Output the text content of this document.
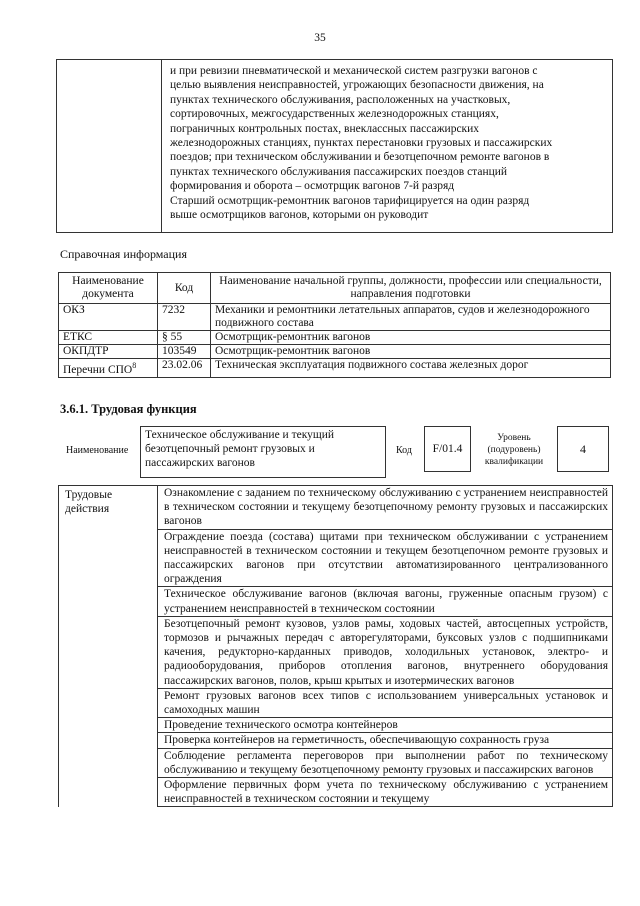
35

и при ревизии пневматической и механической систем разгрузки вагонов с

целью выявления неисправностей, угрожающих безопасности движения, на

пунктах технического обслуживания, расположенных на участковых,

сортировочных, межгосударственных железнодорожных станциях,

пограничных контрольных постах, внеклассных пассажирских

железнодорожных станциях, пунктах перестановки грузовых и пассажирских

поездов; при техническом обслуживании и безотцепочном ремонте вагонов в

пунктах технического обслуживания пассажирских поездов станций

формирования и оборота – осмотрщик вагонов 7-й разряд

Старший осмотрщик-ремонтник вагонов тарифицируется на один разряд

выше осмотрщиков вагонов, которыми он руководит

Справочная информация
Наименование документа	Код	Наименование начальной группы, должности, профессии или специальности, направления подготовки
ОКЗ	7232	Механики и ремонтники летательных аппаратов, судов и железнодорожного подвижного состава
ЕТКС	§ 55	Осмотрщик-ремонтник вагонов
ОКПДТР	103549	Осмотрщик-ремонтник вагонов
Перечни СПО$^8$	23.02.06	Техническая эксплуатация подвижного состава железных дорог
3.6.1. Трудовая функция
Наименование
Техническое обслуживание и текущий безотцепочный ремонт грузовых и пассажирских вагонов
Код	F/01.4
Уровень (подуровень) квалификации
4
Трудовые действия	Ознакомление с заданием по техническому обслуживанию с устранением неисправностей в техническом состоянии и текущему безотцепочному ремонту грузовых и пассажирских вагонов
Ограждение поезда (состава) щитами при техническом обслуживании с устранением неисправностей в техническом состоянии и текущем безотцепочном ремонте грузовых и пассажирских вагонов при отсутствии автоматизированного централизованного ограждения
Техническое обслуживание вагонов (включая вагоны, груженные опасным грузом) с устранением неисправностей в техническом состоянии
Безотцепочный ремонт кузовов, узлов рамы, ходовых частей, автосцепных устройств, тормозов и рычажных передач с авторегуляторами, буксовых узлов с подшипниками качения, редукторно-карданных приводов, холодильных установок, электро- и радиооборудования, приборов отопления вагонов, внутреннего оборудования пассажирских вагонов, полов, крыш крытых и изотермических вагонов
Ремонт грузовых вагонов всех типов с использованием универсальных установок и самоходных машин
Проведение технического осмотра контейнеров
Проверка контейнеров на герметичность, обеспечивающую сохранность груза
Соблюдение регламента переговоров при выполнении работ по техническому обслуживанию и текущему безотцепочному ремонту грузовых и пассажирских вагонов
Оформление первичных форм учета по техническому обслуживанию с устранением неисправностей в техническом состоянии и текущему
